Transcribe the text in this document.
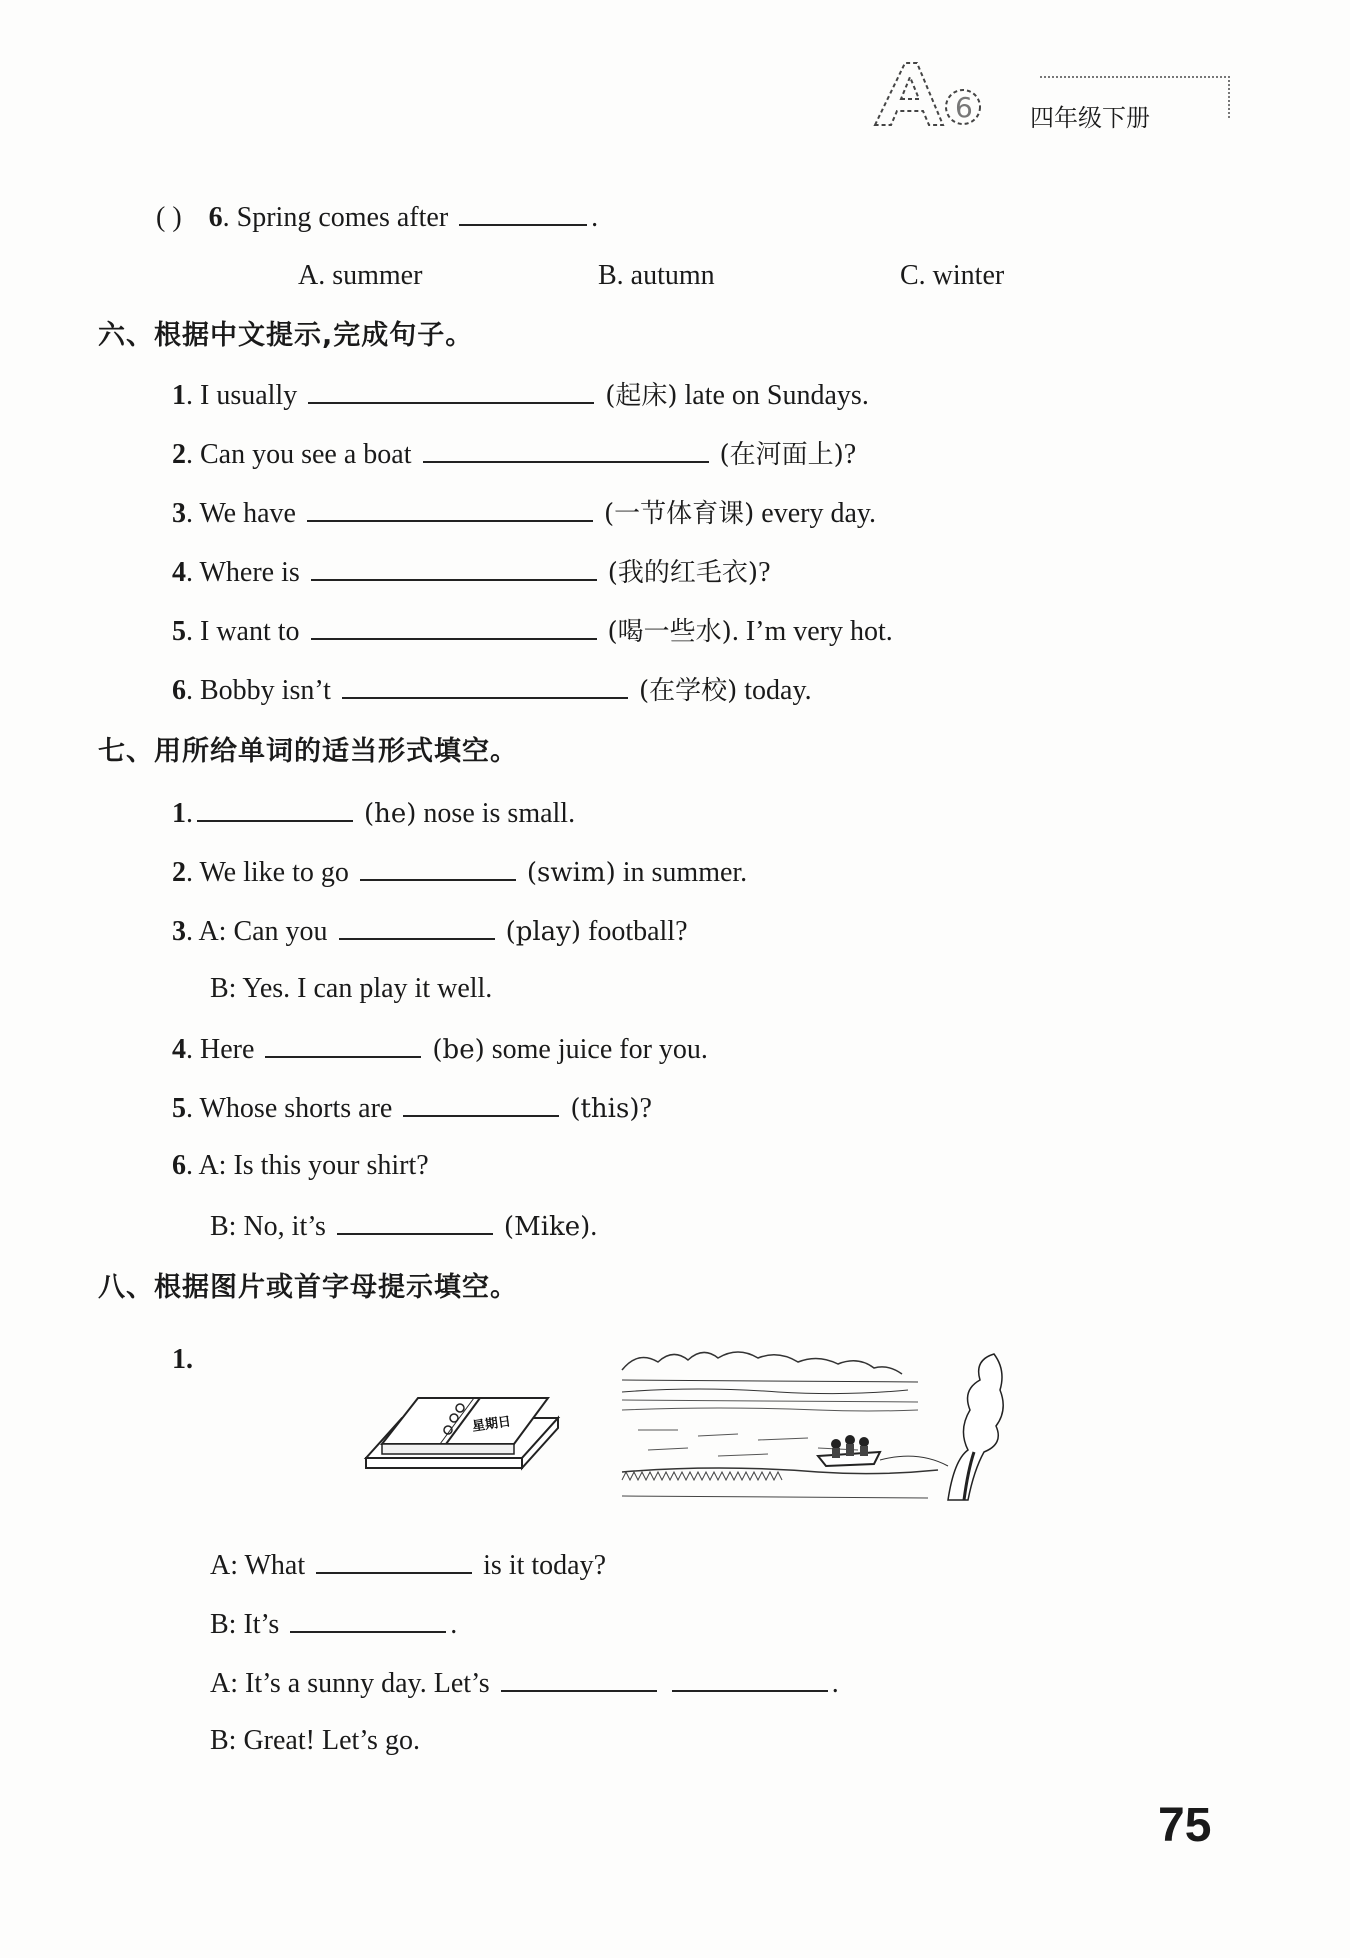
6 四年级下册
( ) 6. Spring comes after	.
A. summer	B. autumn	C. winter
六、根据中文提示,完成句子。
1. I usually	(起床) late on Sundays.
2. Can you see a boat	(在河面上)?
3. We have	(一节体育课) every day.
4. Where is	(我的红毛衣)?
5. I want to	(喝一些水). I’m very hot.
6. Bobby isn’t	(在学校) today.
七、用所给单词的适当形式填空。
1.	(he) nose is small.
2. We like to go	(swim) in summer.
3. A: Can you	(play) football?
B: Yes. I can play it well.
4. Here	(be) some juice for you.
5. Whose shorts are	(this)?
6. A: Is this your shirt?
B: No, it’s	(Mike).
八、根据图片或首字母提示填空。
1.
星期日
A: What	is it today?
B: It’s	.
A: It’s a sunny day. Let’s	.
B: Great! Let’s go.
75
